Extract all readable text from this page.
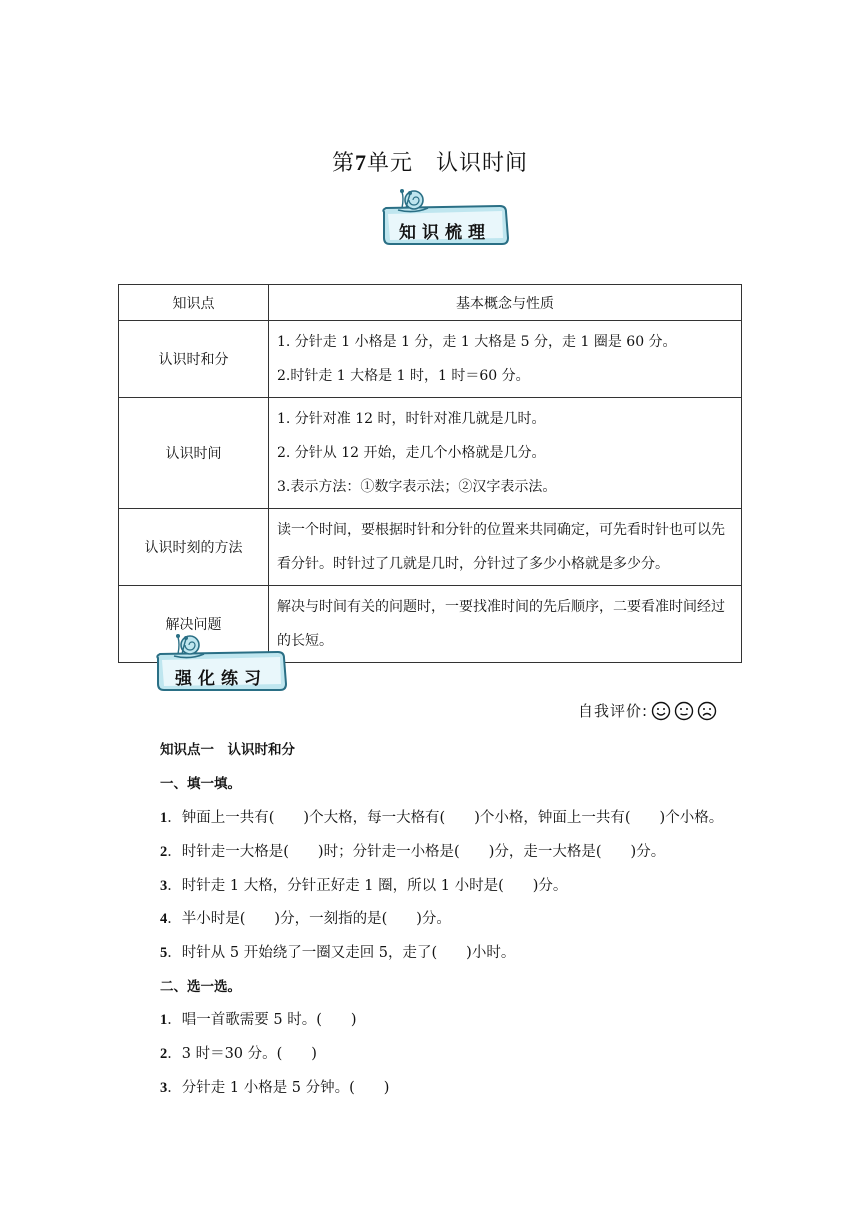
第7单元　认识时间
知识梳理
知识点	基本概念与性质
认识时和分	1. 分针走 1 小格是 1 分，走 1 大格是 5 分，走 1 圈是 60 分。
2.时针走 1 大格是 1 时，1 时＝60 分。

认识时间	1. 分针对准 12 时，时针对准几就是几时。
2. 分针从 12 开始，走几个小格就是几分。
3.表示方法：①数字表示法；②汉字表示法。

认识时刻的方法	读一个时间，要根据时针和分针的位置来共同确定，可先看时针也可以先看分针。时针过了几就是几时，分针过了多少小格就是多少分。
解决问题	解决与时间有关的问题时，一要找准时间的先后顺序，二要看准时间经过的长短。
强化练习
自我评价:
知识点一　认识时和分
一、填一填。
1．钟面上一共有(　　)个大格，每一大格有(　　)个小格，钟面上一共有(　　)个小格。
2．时针走一大格是(　　)时；分针走一小格是(　　)分，走一大格是(　　)分。
3．时针走 1 大格，分针正好走 1 圈，所以 1 小时是(　　)分。
4．半小时是(　　)分，一刻指的是(　　)分。
5．时针从 5 开始绕了一圈又走回 5，走了(　　)小时。
二、选一选。
1．唱一首歌需要 5 时。(　　)
2．3 时＝30 分。(　　)
3．分针走 1 小格是 5 分钟。(　　)
